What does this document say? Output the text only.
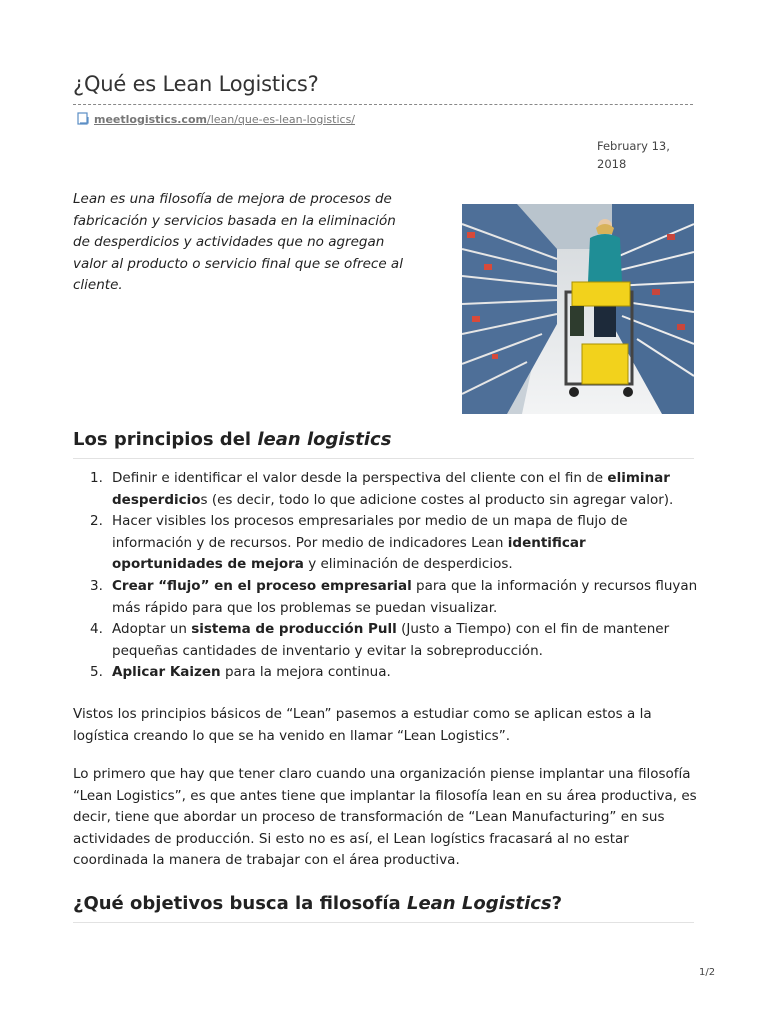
¿Qué es Lean Logistics?
meetlogistics.com/lean/que-es-lean-logistics/
February 13, 2018

Lean es una filosofía de mejora de procesos de fabricación y servicios basada en la eliminación de desperdicios y actividades que no agregan valor al producto o servicio final que se ofrece al cliente.

Los principios del lean logistics
1. Definir e identificar el valor desde la perspectiva del cliente con el fin de eliminar desperdicios (es decir, todo lo que adicione costes al producto sin agregar valor).
2. Hacer visibles los procesos empresariales por medio de un mapa de flujo de información y de recursos. Por medio de indicadores Lean identificar oportunidades de mejora y eliminación de desperdicios.
3. Crear “flujo” en el proceso empresarial para que la información y recursos fluyan más rápido para que los problemas se puedan visualizar.
4. Adoptar un sistema de producción Pull (Justo a Tiempo) con el fin de mantener pequeñas cantidades de inventario y evitar la sobreproducción.
5. Aplicar Kaizen para la mejora continua.

Vistos los principios básicos de “Lean” pasemos a estudiar como se aplican estos a la logística creando lo que se ha venido en llamar “Lean Logistics”.

Lo primero que hay que tener claro cuando una organización piense implantar una filosofía “Lean Logistics”, es que antes tiene que implantar la filosofía lean en su área productiva, es decir, tiene que abordar un proceso de transformación de “Lean Manufacturing” en sus actividades de producción. Si esto no es así, el Lean logístics fracasará al no estar coordinada la manera de trabajar con el área productiva.

¿Qué objetivos busca la filosofía Lean Logistics?
1/2
